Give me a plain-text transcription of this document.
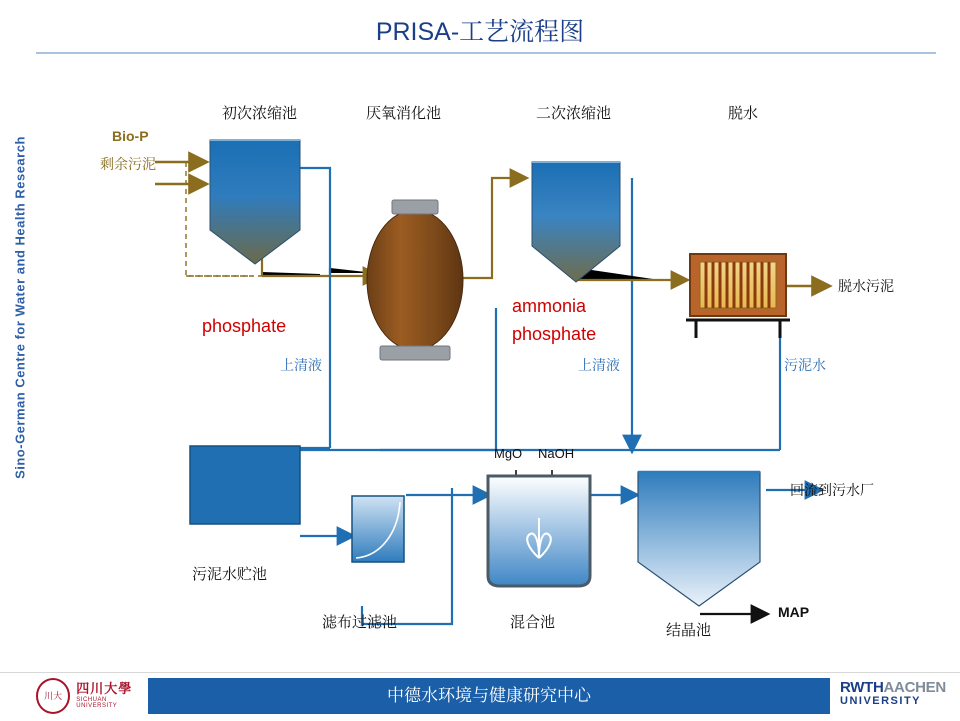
Sino-German Centre for Water and Health Research
PRISA-工艺流程图
初次浓缩池	厌氧消化池	二次浓缩池	脱水
Bio-P
剩余污泥
phosphate
ammonia
phosphate
上清液	上清液	污泥水
脱水污泥
MgO NaOH
污泥水贮池
滤布过滤池	混合池	结晶池
回流到污水厂
MAP
川大	四川大學
SICHUAN UNIVERSITY
中德水环境与健康研究中心	RWTHAACHEN
UNIVERSITY
